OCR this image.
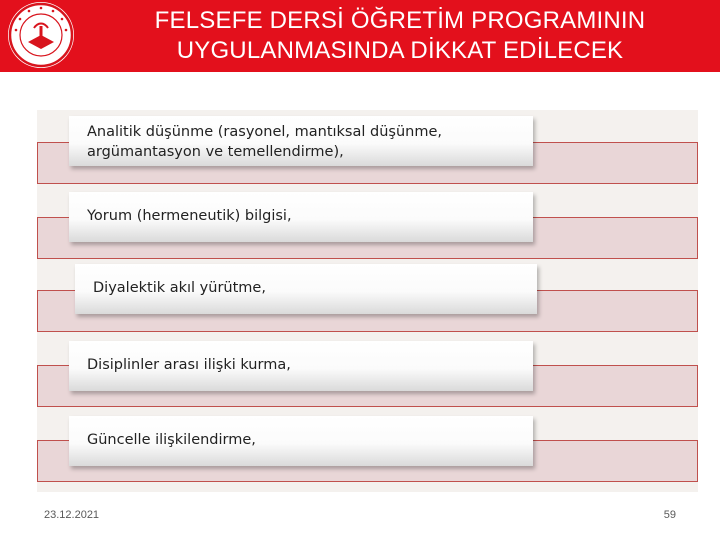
FELSEFE DERSİ ÖĞRETİM PROGRAMININ
UYGULANMASINDA DİKKAT EDİLECEK
Analitik düşünme (rasyonel, mantıksal düşünme,
argümantasyon ve temellendirme),
Yorum (hermeneutik) bilgisi,
Diyalektik akıl yürütme,
Disiplinler arası ilişki kurma,
Güncelle ilişkilendirme,
23.12.2021	59
